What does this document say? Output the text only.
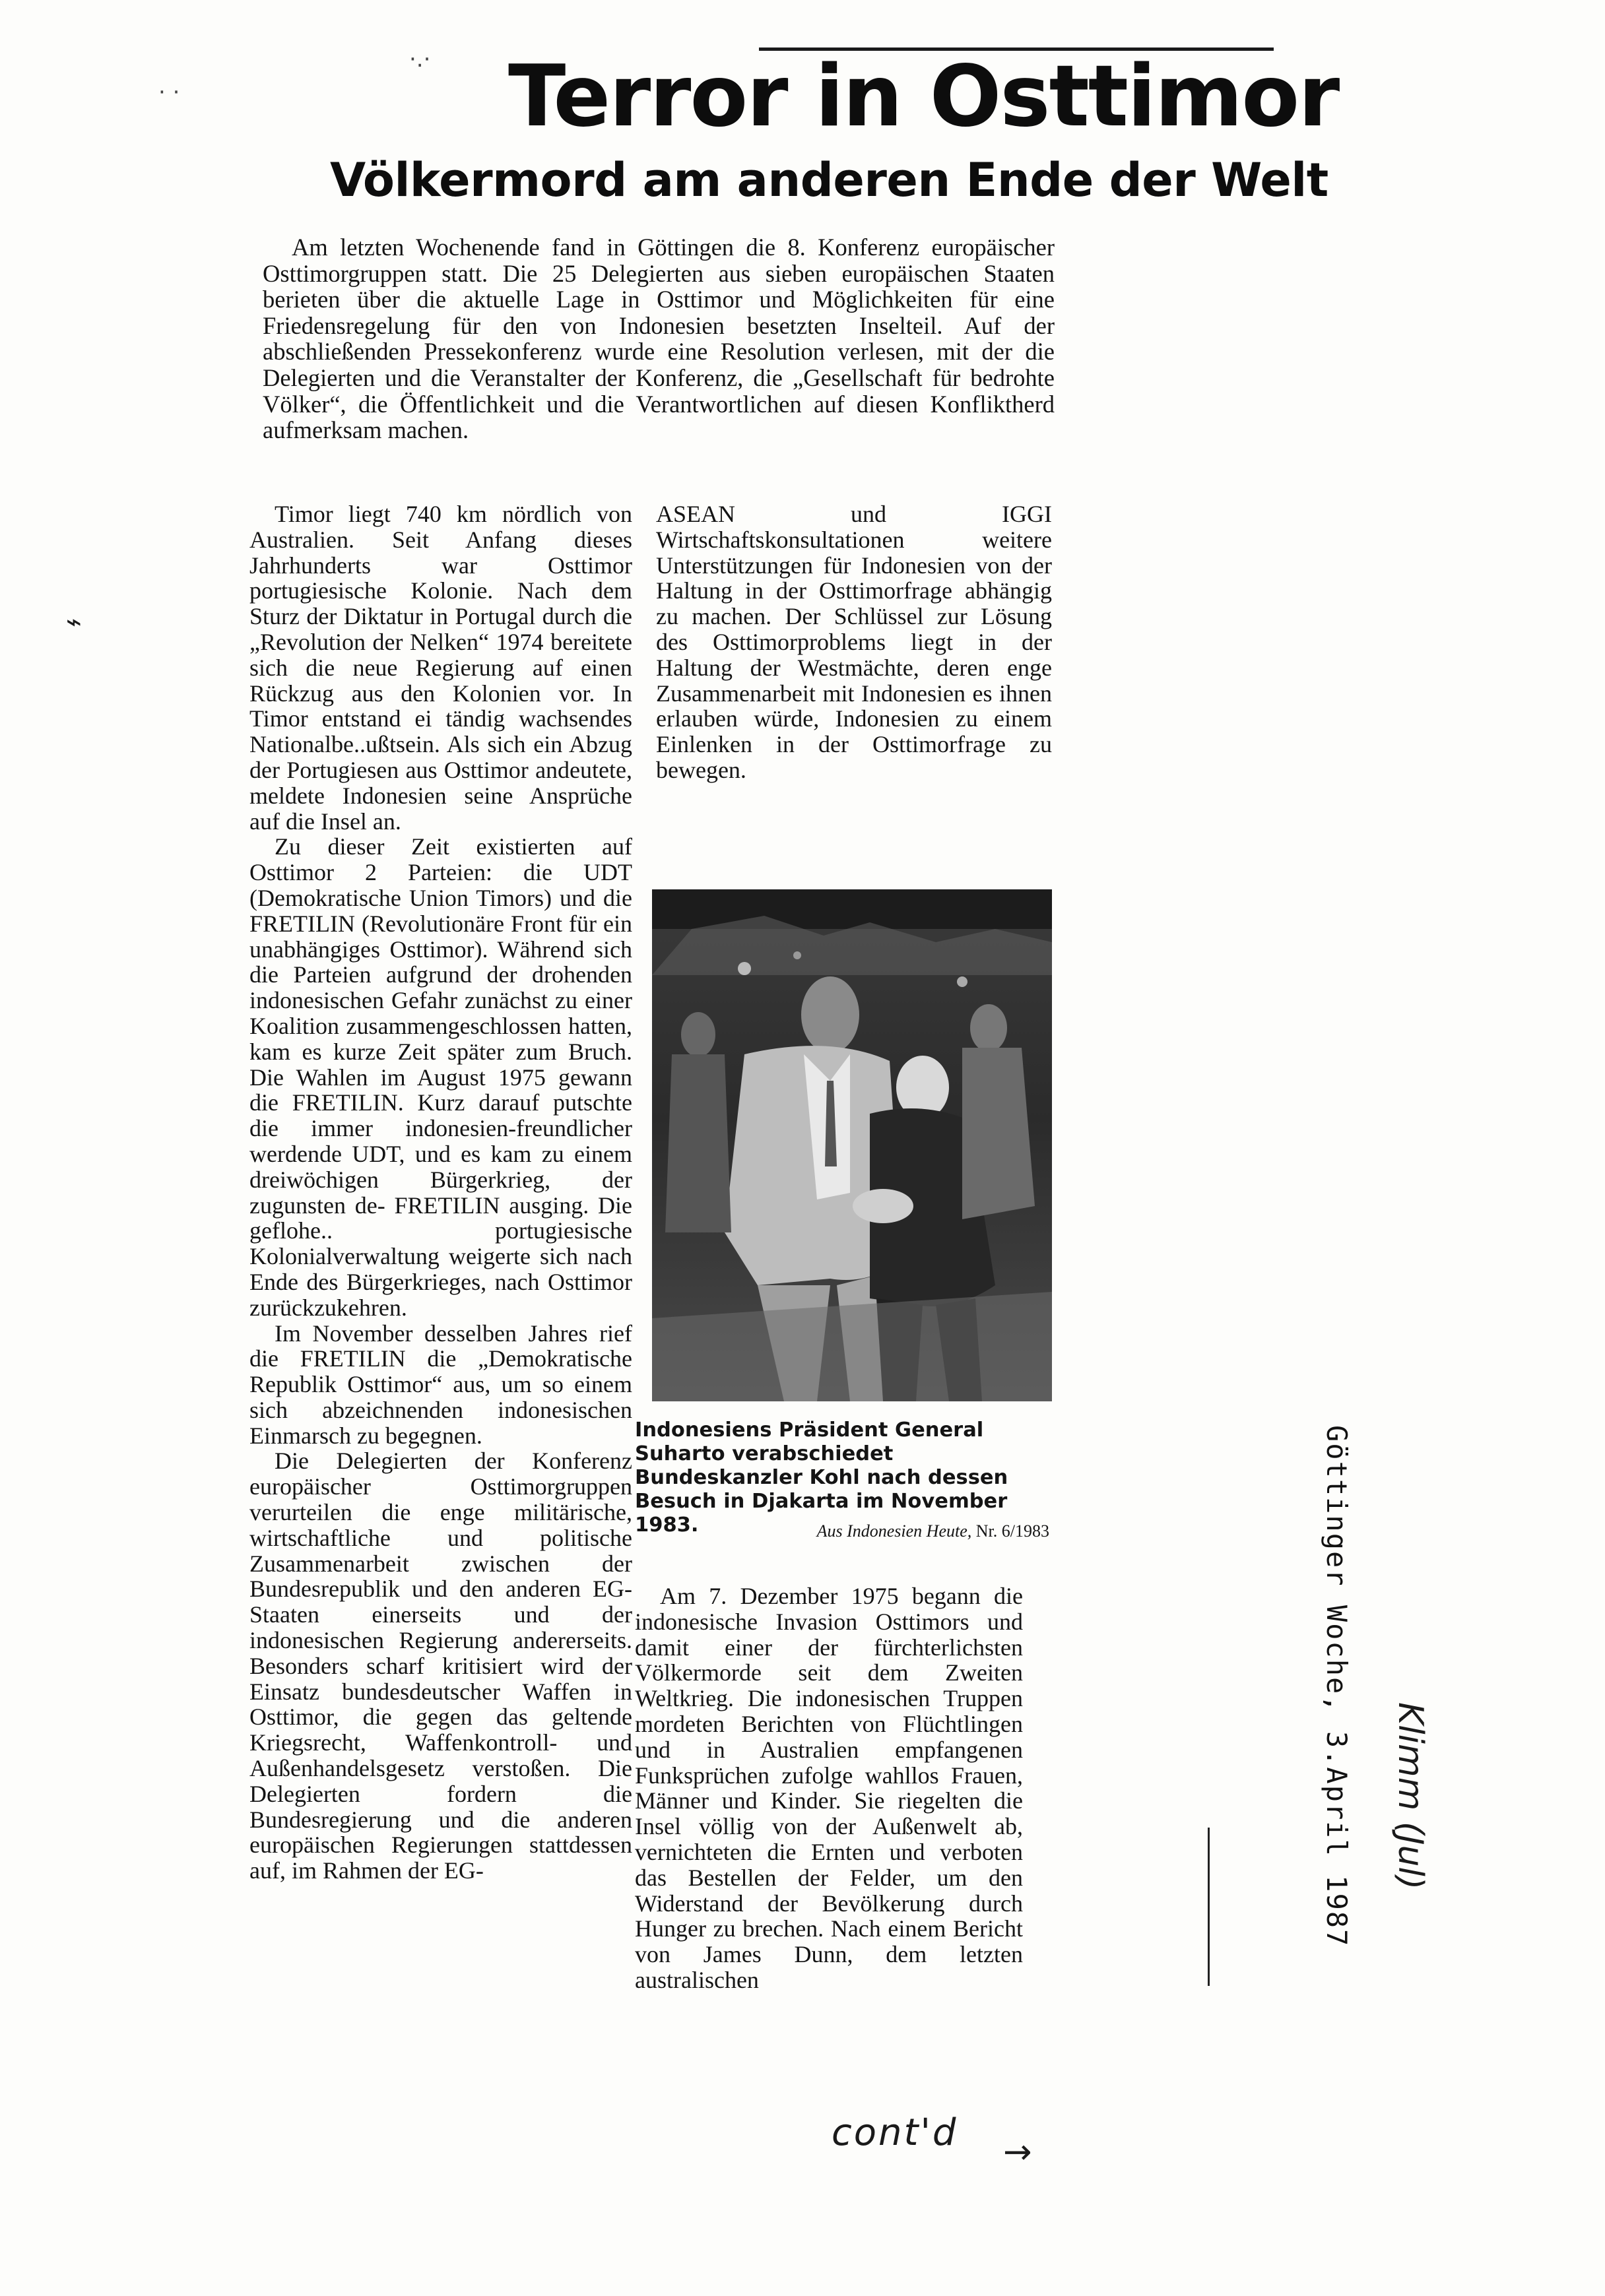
· ·
·.· Terror in Osttimor
Völkermord am anderen Ende der Welt

Am letzten Wochenende fand in Göttingen die 8. Konferenz europäischer Osttimorgruppen statt. Die 25 Delegierten aus sieben europäischen Staaten berieten über die aktuelle Lage in Osttimor und Möglichkeiten für eine Friedensregelung für den von Indonesien besetzten Inselteil. Auf der abschließenden Pressekonferenz wurde eine Resolution verlesen, mit der die Delegierten und die Veranstalter der Konferenz, die „Gesellschaft für bedrohte Völker“, die Öffentlichkeit und die Verantwortlichen auf diesen Konfliktherd aufmerksam machen.

Timor liegt 740 km nördlich von Australien. Seit Anfang dieses Jahrhunderts war Osttimor portugiesische Kolonie. Nach dem Sturz der Diktatur in Portugal durch die „Revolution der Nelken“ 1974 bereitete sich die neue Regierung auf einen Rückzug aus den Kolonien vor. In Timor entstand ei tändig wachsendes Nationalbe..ußtsein. Als sich ein Abzug der Portugiesen aus Osttimor andeutete, meldete Indonesien seine Ansprüche auf die Insel an.

Zu dieser Zeit existierten auf Osttimor 2 Parteien: die UDT (Demokratische Union Timors) und die FRETILIN (Revolutionäre Front für ein unabhängiges Osttimor). Während sich die Parteien aufgrund der drohenden indonesischen Gefahr zunächst zu einer Koalition zusammengeschlossen hatten, kam es kurze Zeit später zum Bruch. Die Wahlen im August 1975 gewann die FRETILIN. Kurz darauf putschte die immer indonesien-freundlicher werdende UDT, und es kam zu einem dreiwöchigen Bürgerkrieg, der zugunsten de- FRETILIN ausging. Die geflohe.. portugiesische Kolonialverwaltung weigerte sich nach Ende des Bürgerkrieges, nach Osttimor zurückzukehren.

Im November desselben Jahres rief die FRETILIN die „Demokratische Republik Osttimor“ aus, um so einem sich abzeichnenden indonesischen Einmarsch zu begegnen.

Die Delegierten der Konferenz europäischer Osttimorgruppen verurteilen die enge militärische, wirtschaftliche und politische Zusammenarbeit zwischen der Bundesrepublik und den anderen EG-Staaten einerseits und der indonesischen Regierung andererseits. Besonders scharf kritisiert wird der Einsatz bundesdeutscher Waffen in Osttimor, die gegen das geltende Kriegsrecht, Waffenkontroll- und Außenhandelsgesetz verstoßen. Die Delegierten fordern die Bundesregierung und die anderen europäischen Regierungen stattdessen auf, im Rahmen der EG-

ASEAN und IGGI Wirtschaftskonsultationen weitere Unterstützungen für Indonesien von der Haltung in der Osttimorfrage abhängig zu machen. Der Schlüssel zur Lösung des Osttimorproblems liegt in der Haltung der Westmächte, deren enge Zusammenarbeit mit Indonesien es ihnen erlauben würde, Indonesien zu einem Einlenken in der Osttimorfrage zu bewegen.

Indonesiens Präsident General Suharto verabschiedet Bundeskanzler Kohl nach dessen Besuch in Djakarta im November 1983.	Aus Indonesien Heute, Nr. 6/1983

Am 7. Dezember 1975 begann die indonesische Invasion Osttimors und damit einer der fürchterlichsten Völkermorde seit dem Zweiten Weltkrieg. Die indonesischen Truppen mordeten Berichten von Flüchtlingen und in Australien empfangenen Funksprüchen zufolge wahllos Frauen, Männer und Kinder. Sie riegelten die Insel völlig von der Außenwelt ab, vernichteten die Ernten und verboten das Bestellen der Felder, um den Widerstand der Bevölkerung durch Hunger zu brechen. Nach einem Bericht von James Dunn, dem letzten australischen

Göttinger Woche, 3.April 1987 Klimm (Jul)
cont'd →
⌁
